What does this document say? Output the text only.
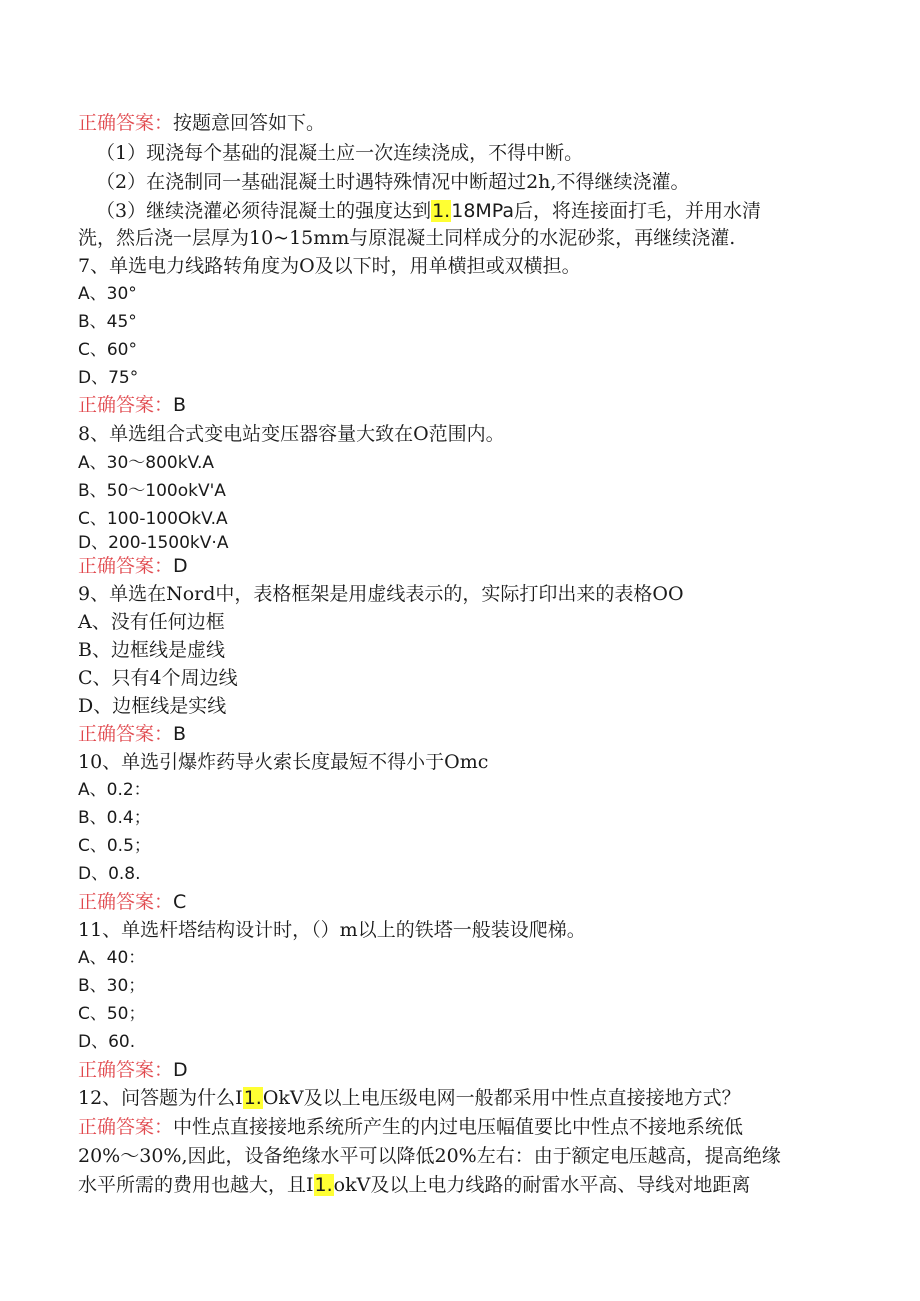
正确答案：按题意回答如下。
（1）现浇每个基础的混凝土应一次连续浇成，不得中断。
（2）在浇制同一基础混凝土时遇特殊情况中断超过2h,不得继续浇灌。
（3）继续浇灌必须待混凝土的强度达到1.18MPa后，将连接面打毛，并用水清
洗，然后浇一层厚为10~15mm与原混凝土同样成分的水泥砂浆，再继续浇灌.
7、单选电力线路转角度为O及以下时，用单横担或双横担。
A、30°
B、45°
C、60°
D、75°
正确答案：B
8、单选组合式变电站变压器容量大致在O范围内。
A、30～800kV.A
B、50～100okV'A
C、100-100OkV.A
D、200-1500kV·A
正确答案：D
9、单选在Nord中，表格框架是用虚线表示的，实际打印出来的表格OO
A、没有任何边框
B、边框线是虚线
C、只有4个周边线
D、边框线是实线
正确答案：B
10、单选引爆炸药导火索长度最短不得小于Omc
A、0.2：
B、0.4；
C、0.5；
D、0.8.
正确答案：C
11、单选杆塔结构设计时，（）m以上的铁塔一般装设爬梯。
A、40：
B、30；
C、50；
D、60.
正确答案：D
12、问答题为什么I1.OkV及以上电压级电网一般都采用中性点直接接地方式？
正确答案：中性点直接接地系统所产生的内过电压幅值要比中性点不接地系统低
20%～30%,因此，设备绝缘水平可以降低20%左右：由于额定电压越高，提高绝缘
水平所需的费用也越大，且I1.okV及以上电力线路的耐雷水平高、导线对地距离
